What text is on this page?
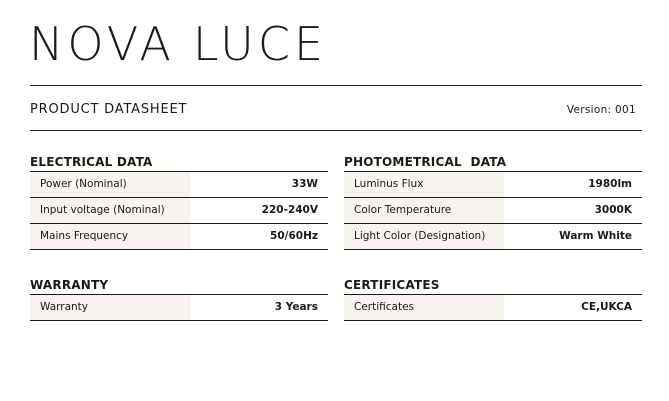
NOVA LUCE
PRODUCT DATASHEET	Version: 001
ELECTRICAL DATA
Power (Nominal)	33W
Input voltage (Nominal)	220-240V
Mains Frequency	50/60Hz
PHOTOMETRICAL  DATA
Luminus Flux	1980lm
Color Temperature	3000K
Light Color (Designation)	Warm White
WARRANTY
Warranty	3 Years
CERTIFICATES
Certificates	CE,UKCA
